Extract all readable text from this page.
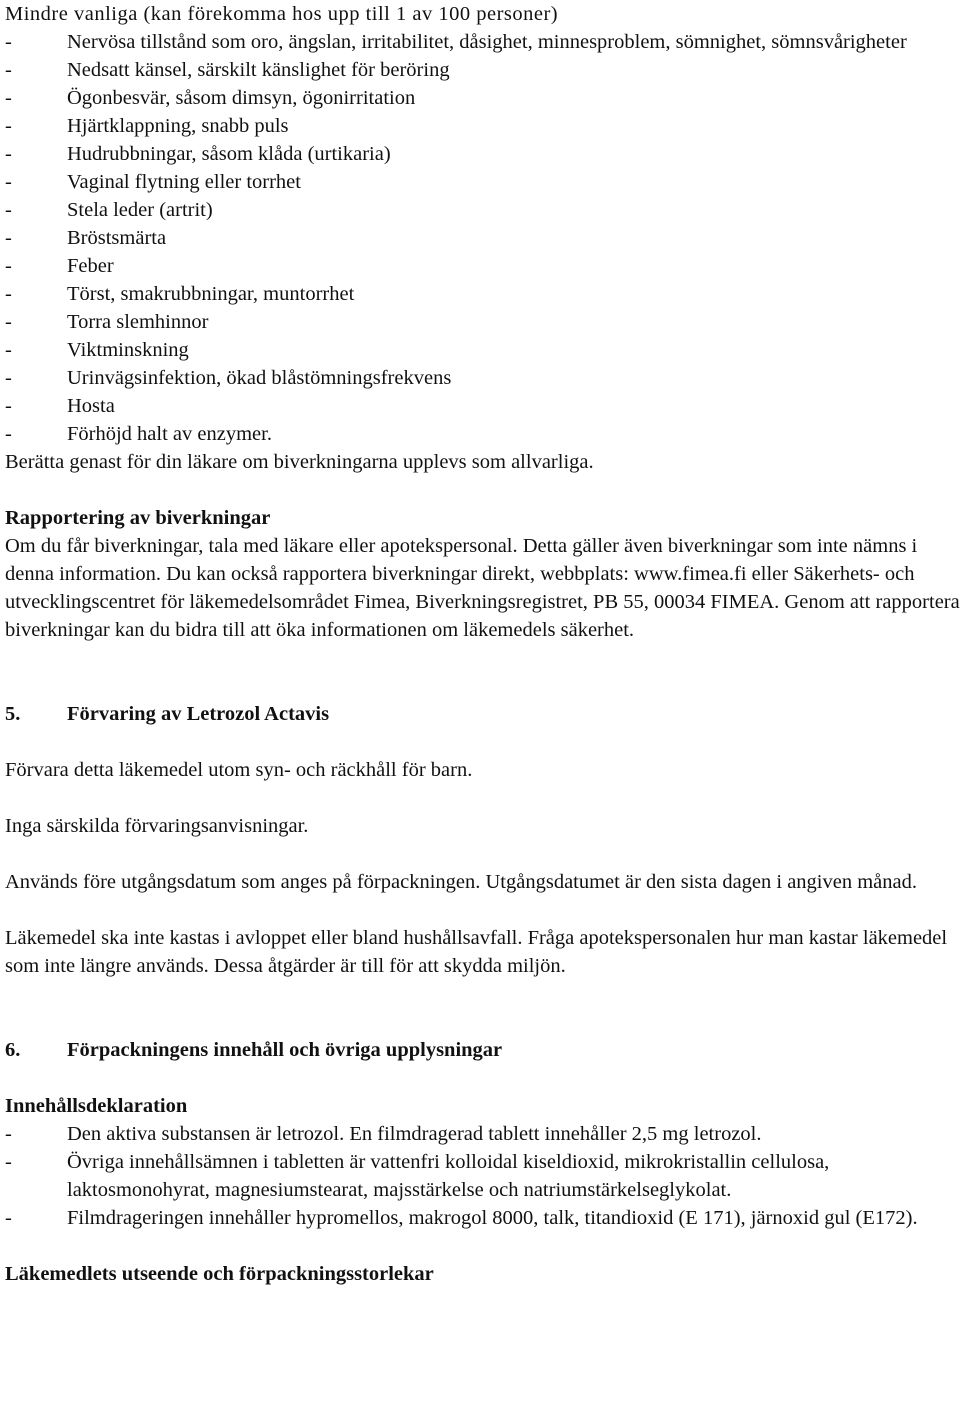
Mindre vanliga (kan förekomma hos upp till 1 av 100 personer)

- Nervösa tillstånd som oro, ängslan, irritabilitet, dåsighet, minnesproblem, sömnighet, sömnsvårigheter
- Nedsatt känsel, särskilt känslighet för beröring
- Ögonbesvär, såsom dimsyn, ögonirritation
- Hjärtklappning, snabb puls
- Hudrubbningar, såsom klåda (urtikaria)
- Vaginal flytning eller torrhet
- Stela leder (artrit)
- Bröstsmärta
- Feber
- Törst, smakrubbningar, muntorrhet
- Torra slemhinnor
- Viktminskning
- Urinvägsinfektion, ökad blåstömningsfrekvens
- Hosta
- Förhöjd halt av enzymer.

Berätta genast för din läkare om biverkningarna upplevs som allvarliga.

Rapportering av biverkningar

Om du får biverkningar, tala med läkare eller apotekspersonal. Detta gäller även biverkningar som inte nämns i denna information. Du kan också rapportera biverkningar direkt, webbplats: www.fimea.fi eller Säkerhets- och utvecklingscentret för läkemedelsområdet Fimea, Biverkningsregistret, PB 55, 00034 FIMEA. Genom att rapportera biverkningar kan du bidra till att öka informationen om läkemedels säkerhet.

5. Förvaring av Letrozol Actavis

Förvara detta läkemedel utom syn- och räckhåll för barn.

Inga särskilda förvaringsanvisningar.

Används före utgångsdatum som anges på förpackningen. Utgångsdatumet är den sista dagen i angiven månad.

Läkemedel ska inte kastas i avloppet eller bland hushållsavfall. Fråga apotekspersonalen hur man kastar läkemedel som inte längre används. Dessa åtgärder är till för att skydda miljön.

6. Förpackningens innehåll och övriga upplysningar
Innehållsdeklaration
- Den aktiva substansen är letrozol. En filmdragerad tablett innehåller 2,5 mg letrozol.
- Övriga innehållsämnen i tabletten är vattenfri kolloidal kiseldioxid, mikrokristallin cellulosa, laktosmonohyrat, magnesiumstearat, majsstärkelse och natriumstärkelseglykolat.
- Filmdrageringen innehåller hypromellos, makrogol 8000, talk, titandioxid (E 171), järnoxid gul (E172).
Läkemedlets utseende och förpackningsstorlekar
